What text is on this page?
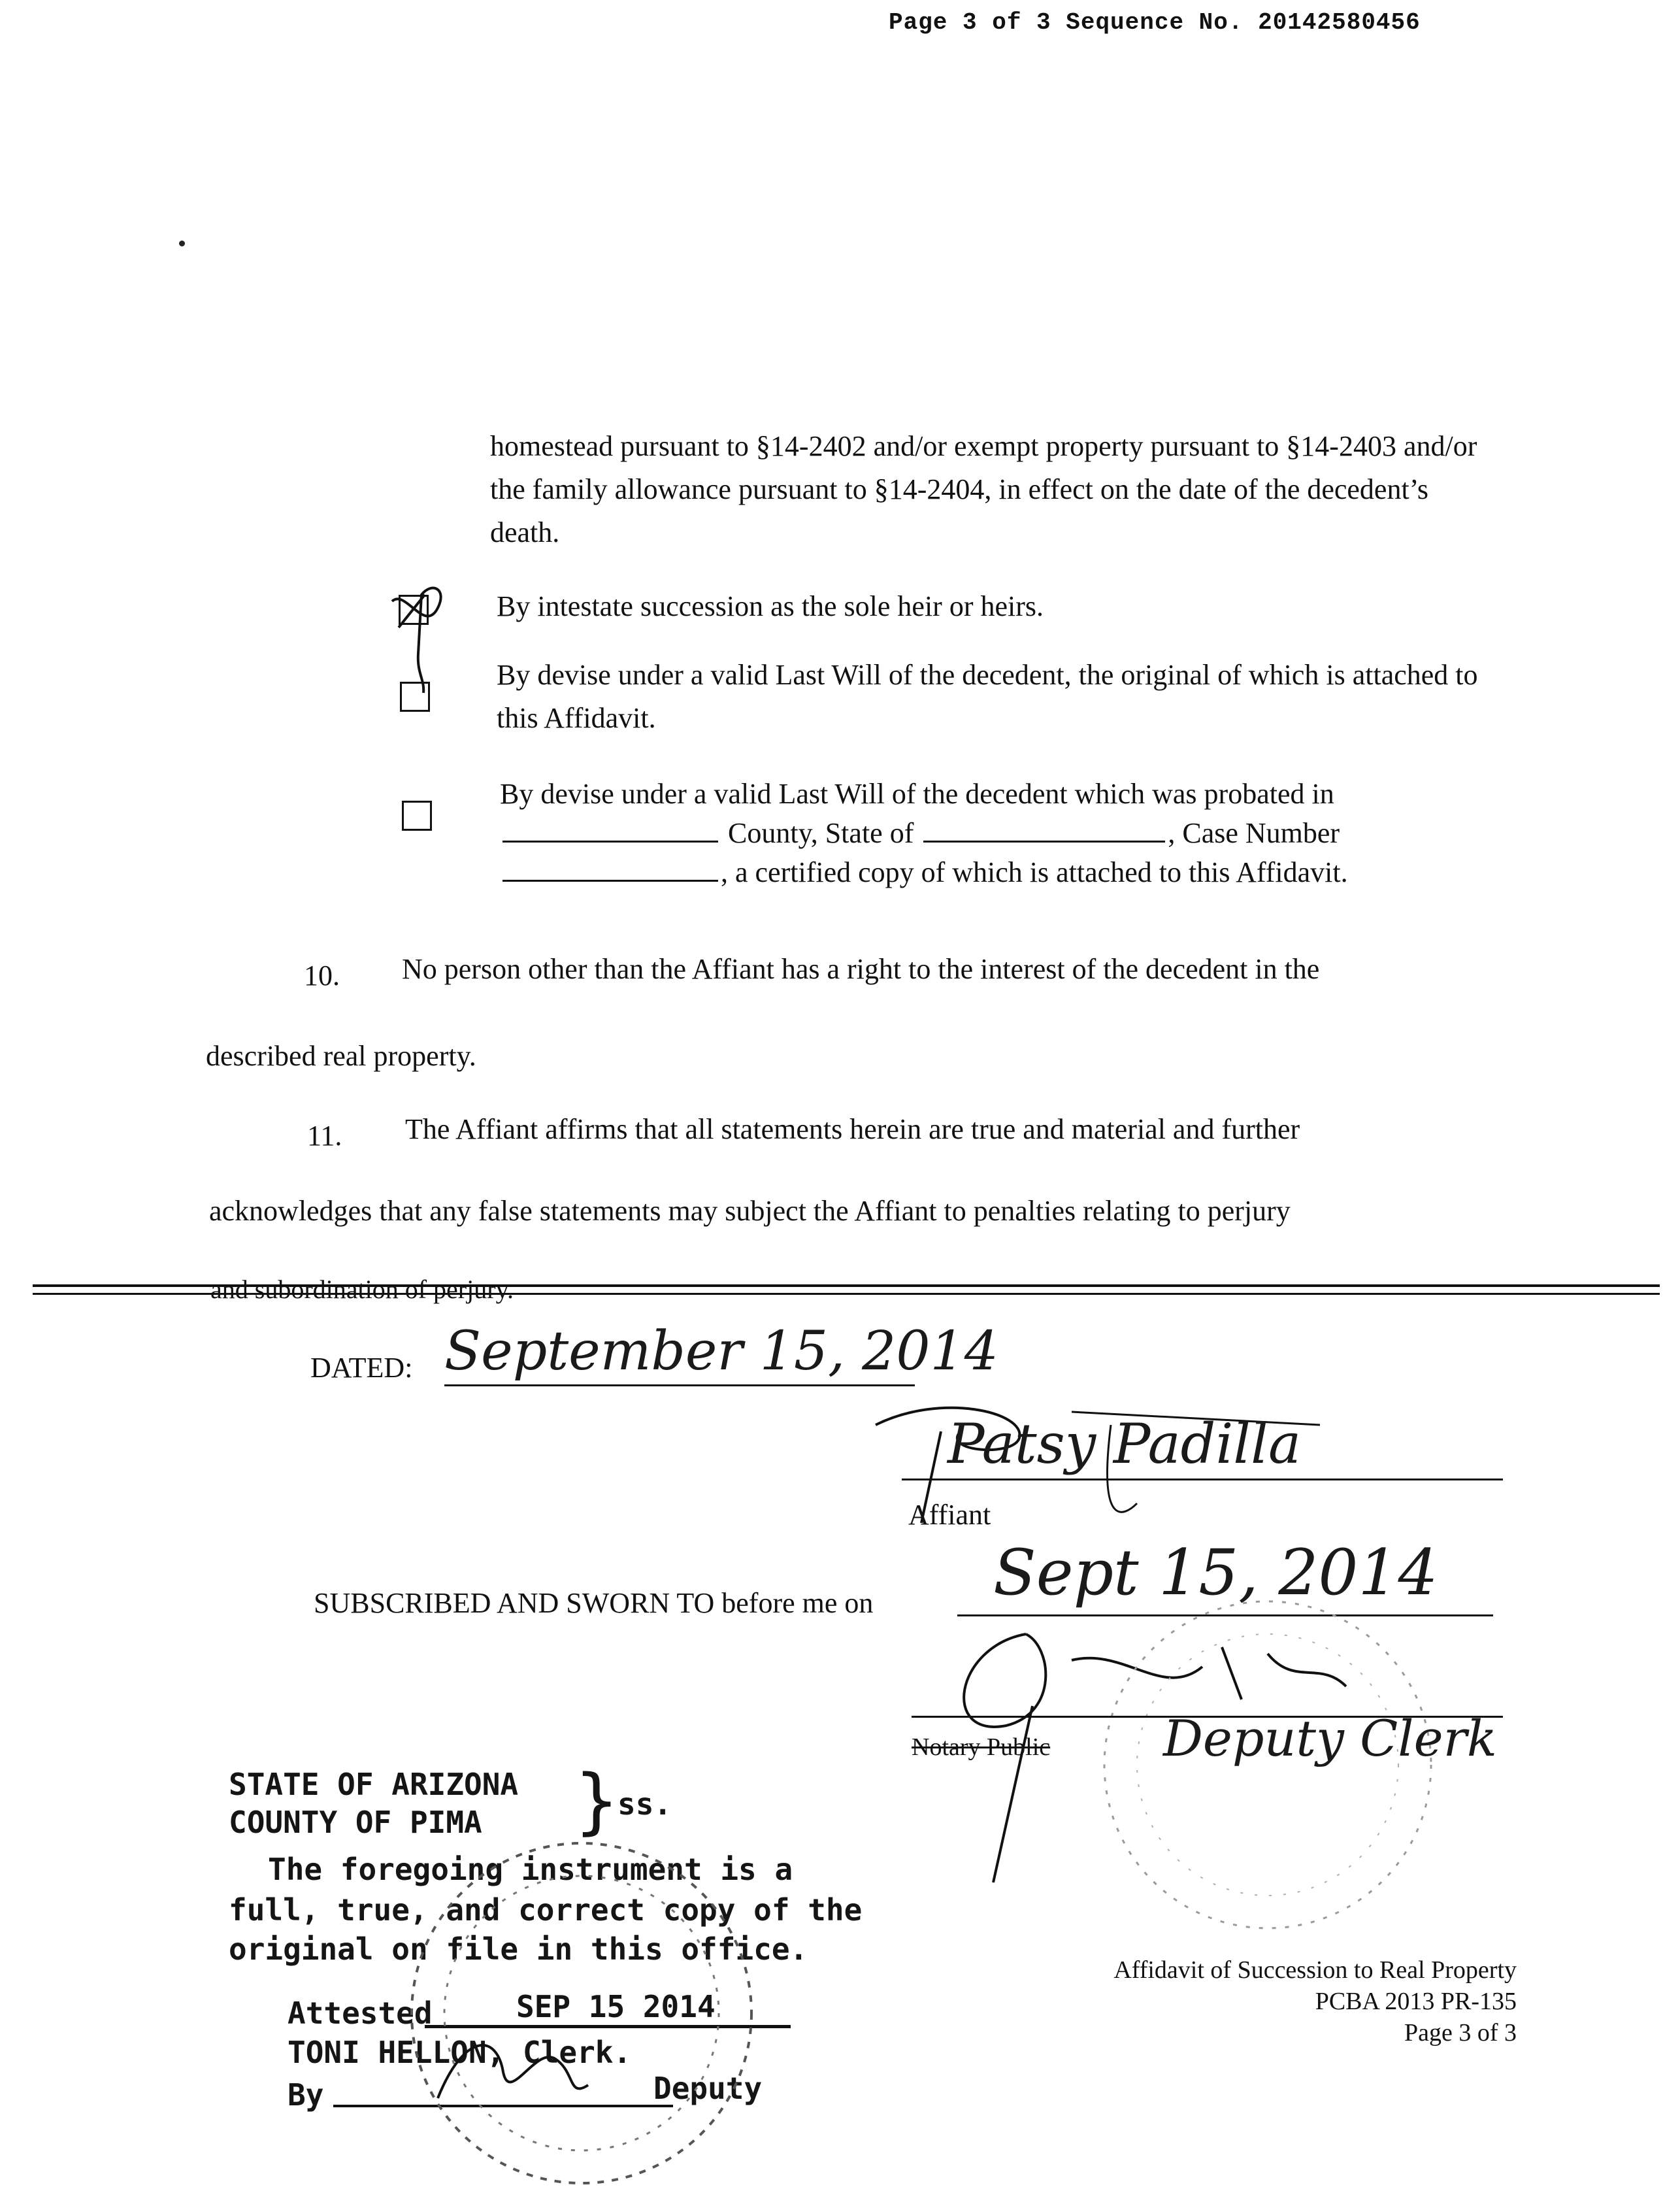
Page 3 of 3 Sequence No. 20142580456
homestead pursuant to §14-2402 and/or exempt property pursuant to §14-2403 and/or the family allowance pursuant to §14-2404, in effect on the date of the decedent’s death.
By intestate succession as the sole heir or heirs.
By devise under a valid Last Will of the decedent, the original of which is attached to this Affidavit.
By devise under a valid Last Will of the decedent which was probated in
County, State of	, Case Number
, a certified copy of which is attached to this Affidavit.
10. No person other than the Affiant has a right to the interest of the decedent in the
described real property.
11. The Affiant affirms that all statements herein are true and material and further
acknowledges that any false statements may subject the Affiant to penalties relating to perjury
and subordination of perjury.
DATED: September 15, 2014
Patsy Padilla
Affiant
SUBSCRIBED AND SWORN TO before me on Sept 15, 2014
Notary Public Deputy Clerk
STATE OF ARIZONA }
ss.
COUNTY OF PIMA
The foregoing instrument is a
full, true, and correct copy of the
original on file in this office.
Attested	SEP 15 2014
TONI HELLON, Clerk.
By	Deputy
Affidavit of Succession to Real Property
PCBA 2013 PR-135
Page 3 of 3
